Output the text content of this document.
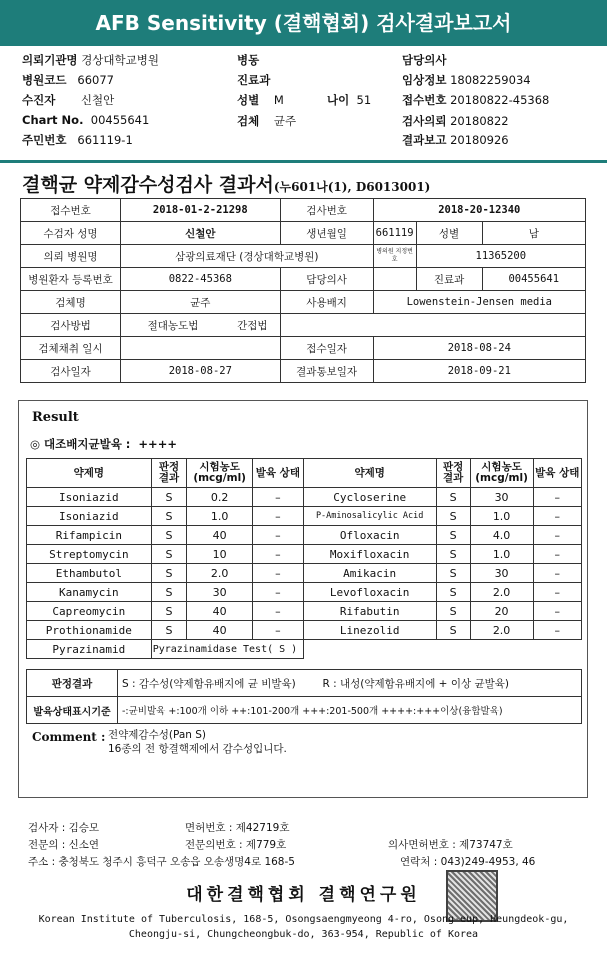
AFB Sensitivity (결핵협회) 검사결과보고서
의뢰기관명 경상대학교병원	병동	담당의사
병원코드 66077	진료과	임상정보 18082259034
수진자 신철안	성별 M	나이 51	접수번호 20180822-45368
Chart No. 00455641	검체 균주	검사의뢰 20180822
주민번호 661119-1	결과보고 20180926
결핵균 약제감수성검사 결과서(누601나(1), D6013001)
접수번호	2018-01-2-21298		검사번호	2018-20-12340		
수검자 성명	신철안		생년월일	661119	성별	남
의뢰 병원명	삼광의료재단 (경상대학교병원)			병의원 지정번호	11365200	
병원환자 등록번호	0822-45368		담당의사		진료과	00455641
검체명	균주		사용배지	Lowenstein-Jensen media		
검사방법	절대농도법	간접법				
검체채취 일시			접수일자	2018-08-24		
검사일자	2018-08-27		결과통보일자	2018-09-21		
Result
◎ 대조배지균발육 : ++++
약제명	판정 결과	시험농도 (mcg/ml)	발육 상태	약제명	판정 결과	시험농도 (mcg/ml)	발육 상태
Isoniazid	S	0.2	–	Cycloserine	S	30	–
Isoniazid	S	1.0	–	P-Aminosalicylic Acid	S	1.0	–
Rifampicin	S	40	–	Ofloxacin	S	4.0	–
Streptomycin	S	10	–	Moxifloxacin	S	1.0	–
Ethambutol	S	2.0	–	Amikacin	S	30	–
Kanamycin	S	30	–	Levofloxacin	S	2.0	–
Capreomycin	S	40	–	Rifabutin	S	20	–
Prothionamide	S	40	–	Linezolid	S	2.0	–
Pyrazinamid	Pyrazinamidase Test( S )						
판정결과	S : 감수성(약제함유배지에 균 비발육) R : 내성(약제함유배지에 + 이상 균발육)
발육상태표시기준	-:균비발육 +:100개 이하 ++:101-200개 +++:201-500개 ++++:+++이상(융합발육)
Comment : 전약제감수성(Pan S)
16종의 전 항결핵제에서 감수성입니다.
검사자 : 김승모	면허번호 : 제42719호
전문의 : 신소연	전문의번호 : 제779호	의사면허번호 : 제73747호
주소 : 충청북도 청주시 흥덕구 오송읍 오송생명4로 168-5	연락처 : 043)249-4953, 46
대한결핵협회 결핵연구원
Korean Institute of Tuberculosis, 168-5, Osongsaengmyeong 4-ro, Osong-eup, Heungdeok-gu,
Cheongju-si, Chungcheongbuk-do, 363-954, Republic of Korea
